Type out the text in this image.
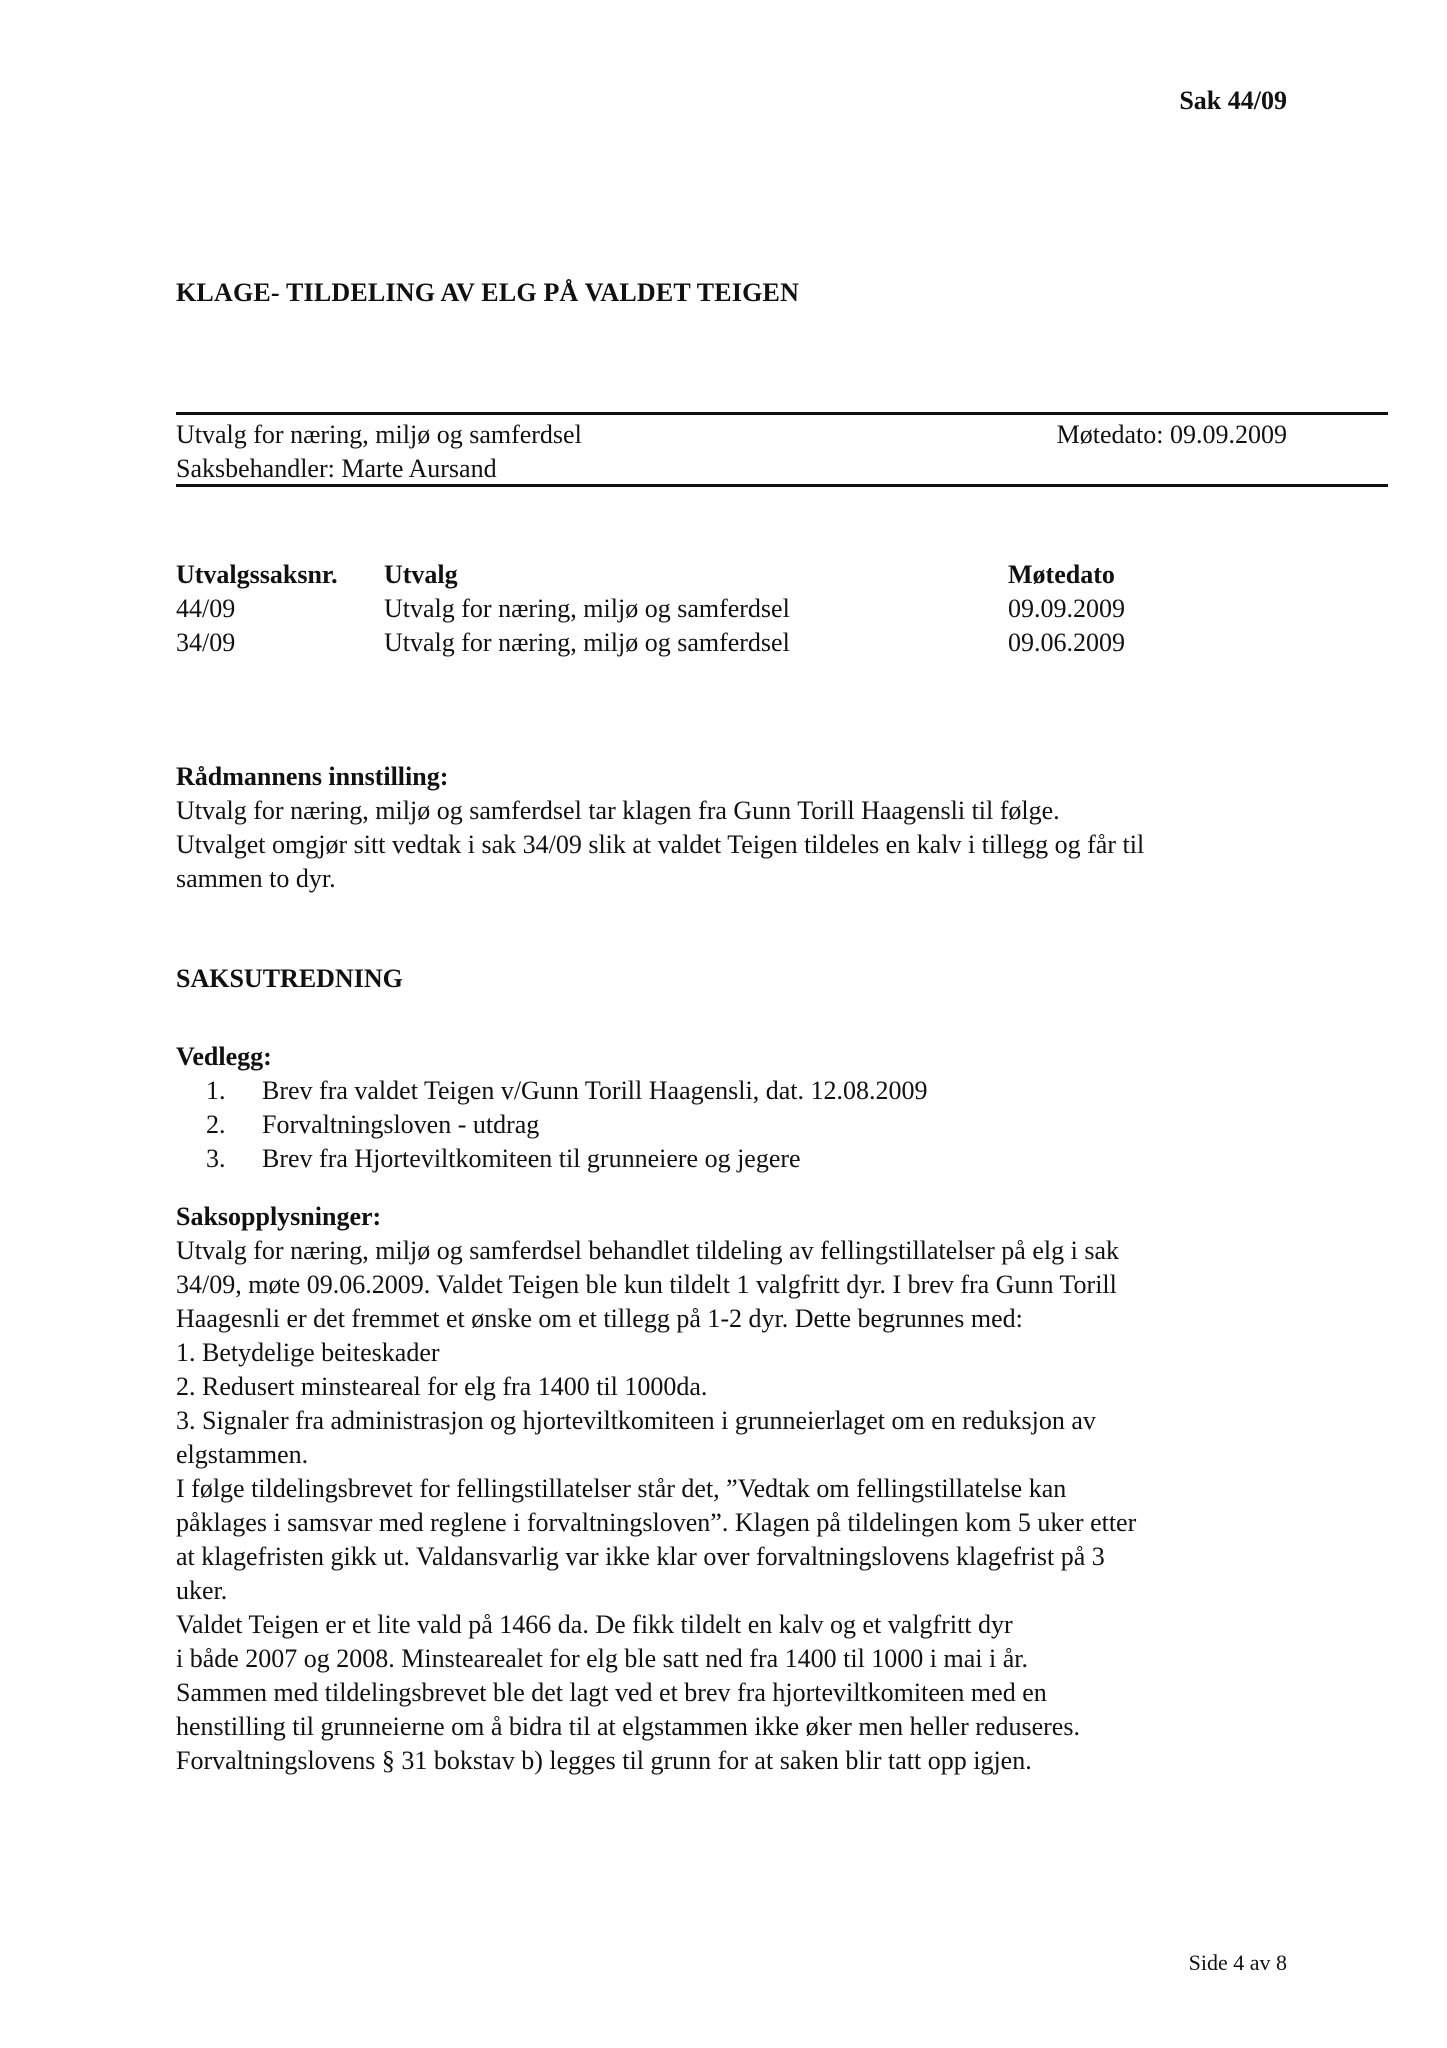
Sak 44/09
KLAGE- TILDELING AV ELG PÅ VALDET TEIGEN
Utvalg for næring, miljø og samferdsel
Saksbehandler: Marte Aursand
Møtedato: 09.09.2009
Utvalgssaksnr.	Utvalg	Møtedato
44/09	Utvalg for næring, miljø og samferdsel	09.09.2009
34/09	Utvalg for næring, miljø og samferdsel	09.06.2009
Rådmannens innstilling:
Utvalg for næring, miljø og samferdsel tar klagen fra Gunn Torill Haagensli til følge.
Utvalget omgjør sitt vedtak i sak 34/09 slik at valdet Teigen tildeles en kalv i tillegg og får til
sammen to dyr.
SAKSUTREDNING
Vedlegg:
1.	Brev fra valdet Teigen v/Gunn Torill Haagensli, dat. 12.08.2009
2.	Forvaltningsloven - utdrag
3.	Brev fra Hjorteviltkomiteen til grunneiere og jegere
Saksopplysninger:
Utvalg for næring, miljø og samferdsel behandlet tildeling av fellingstillatelser på elg i sak
34/09, møte 09.06.2009. Valdet Teigen ble kun tildelt 1 valgfritt dyr. I brev fra Gunn Torill
Haagesnli er det fremmet et ønske om et tillegg på 1-2 dyr. Dette begrunnes med:
1. Betydelige beiteskader
2. Redusert minsteareal for elg fra 1400 til 1000da.
3. Signaler fra administrasjon og hjorteviltkomiteen i grunneierlaget om en reduksjon av
elgstammen.
I følge tildelingsbrevet for fellingstillatelser står det, ”Vedtak om fellingstillatelse kan
påklages i samsvar med reglene i forvaltningsloven”. Klagen på tildelingen kom 5 uker etter
at klagefristen gikk ut. Valdansvarlig var ikke klar over forvaltningslovens klagefrist på 3
uker.
Valdet Teigen er et lite vald på 1466 da. De fikk tildelt en kalv og et valgfritt dyr
i både 2007 og 2008. Minstearealet for elg ble satt ned fra 1400 til 1000 i mai i år.
Sammen med tildelingsbrevet ble det lagt ved et brev fra hjorteviltkomiteen med en
henstilling til grunneierne om å bidra til at elgstammen ikke øker men heller reduseres.
Forvaltningslovens § 31 bokstav b) legges til grunn for at saken blir tatt opp igjen.
Side 4 av 8
